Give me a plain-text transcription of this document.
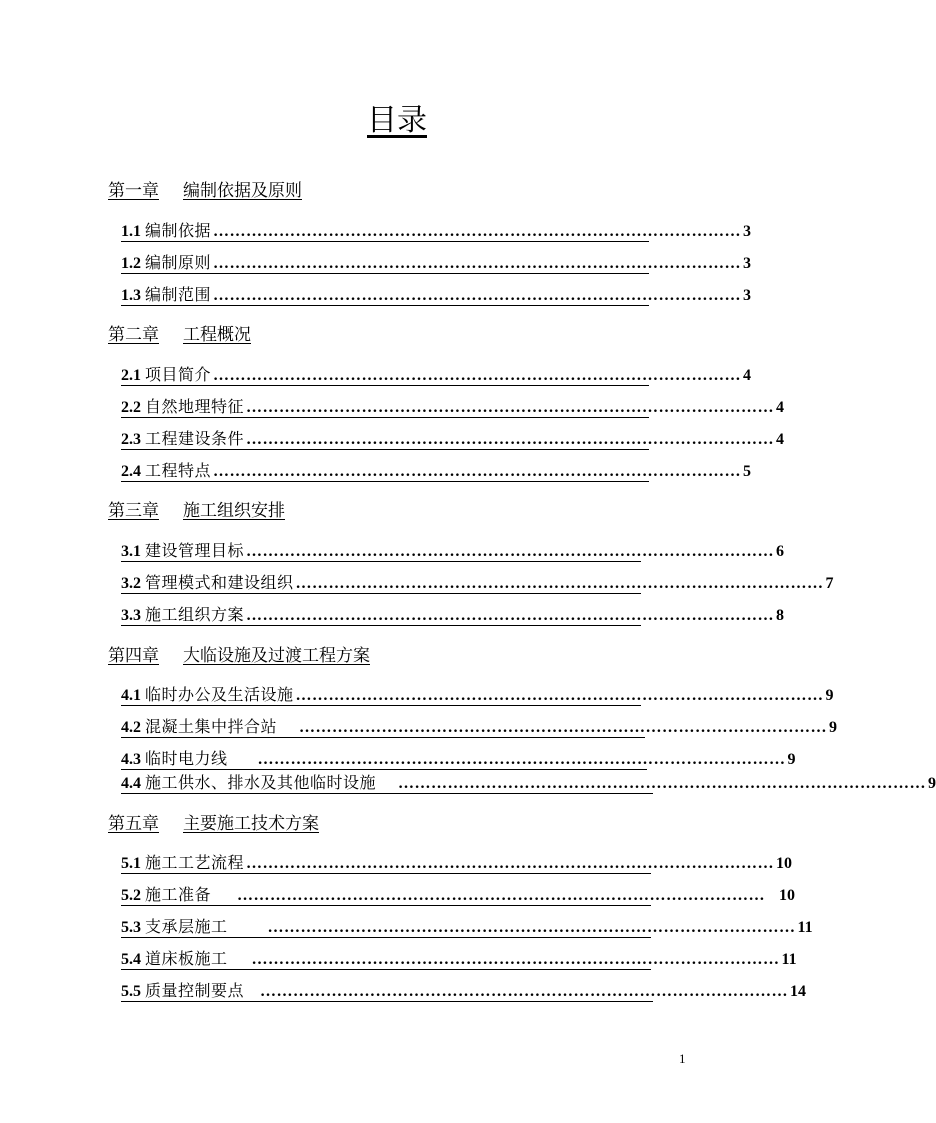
目录
第一章 编制依据及原则
1.1 编制依据 …………………………………………………………………………………… 3
1.2 编制原则 …………………………………………………………………………………… 3
1.3 编制范围 …………………………………………………………………………………… 3
第二章 工程概况
2.1 项目简介 …………………………………………………………………………………… 4
2.2 自然地理特征 …………………………………………………………………………………… 4
2.3 工程建设条件 …………………………………………………………………………………… 4
2.4 工程特点 …………………………………………………………………………………… 5
第三章 施工组织安排
3.1 建设管理目标 …………………………………………………………………………………… 6
3.2 管理模式和建设组织 …………………………………………………………………………………… 7
3.3 施工组织方案 …………………………………………………………………………………… 8
第四章 大临设施及过渡工程方案
4.1 临时办公及生活设施 …………………………………………………………………………………… 9
4.2 混凝土集中拌合站 …………………………………………………………………………………… 9
4.3 临时电力线 …………………………………………………………………………………… 9
4.4 施工供水、排水及其他临时设施 …………………………………………………………………………………… 9
第五章 主要施工技术方案
5.1 施工工艺流程 …………………………………………………………………………………… 10
5.2 施工准备 …………………………………………………………………………………… 10
5.3 支承层施工	…………………………………………………………………………………… 11
5.4 道床板施工 …………………………………………………………………………………… 11
5.5 质量控制要点 …………………………………………………………………………………… 14
1
